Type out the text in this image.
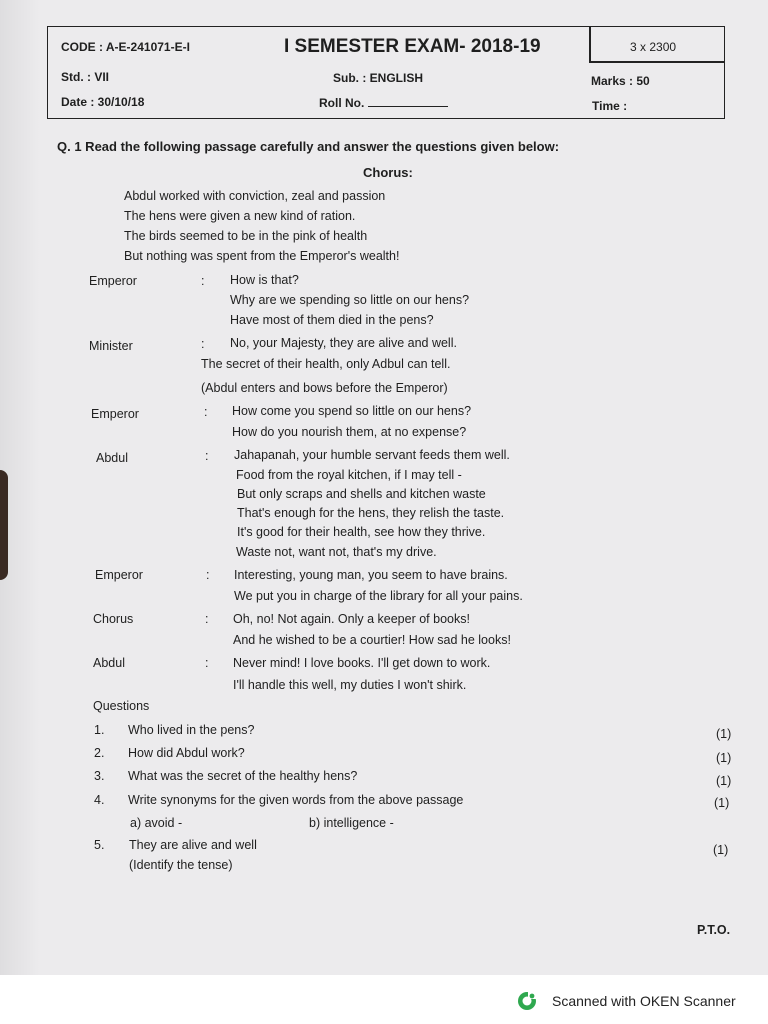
CODE : A-E-241071-E-I	I SEMESTER EXAM- 2018-19	3 x 2300
Std. : VII	Sub. : ENGLISH	Marks : 50
Date : 30/10/18	Roll No.	Time :
Q. 1 Read the following passage carefully and answer the questions given below:
Chorus:
Abdul worked with conviction, zeal and passion
The hens were given a new kind of ration.
The birds seemed to be in the pink of health
But nothing was spent from the Emperor's wealth!
Emperor	: How is that?
Why are we spending so little on our hens?
Have most of them died in the pens?
Minister	: No, your Majesty, they are alive and well.
The secret of their health, only Adbul can tell.
(Abdul enters and bows before the Emperor)
Emperor	: How come you spend so little on our hens?
How do you nourish them, at no expense?
Abdul	: Jahapanah, your humble servant feeds them well.
Food from the royal kitchen, if I may tell -
But only scraps and shells and kitchen waste
That's enough for the hens, they relish the taste.
It's good for their health, see how they thrive.
Waste not, want not, that's my drive.
Emperor	: Interesting, young man, you seem to have brains.
We put you in charge of the library for all your pains.
Chorus	: Oh, no! Not again. Only a keeper of books!
And he wished to be a courtier! How sad he looks!
Abdul	: Never mind! I love books. I'll get down to work.
I'll handle this well, my duties I won't shirk.
Questions
1. Who lived in the pens?	(1)
2. How did Abdul work?	(1)
3. What was the secret of the healthy hens?	(1)
4. Write synonyms for the given words from the above passage	(1)
a) avoid -	b) intelligence -
5. They are alive and well	(1)
(Identify the tense)
P.T.O.
Scanned with OKEN Scanner
